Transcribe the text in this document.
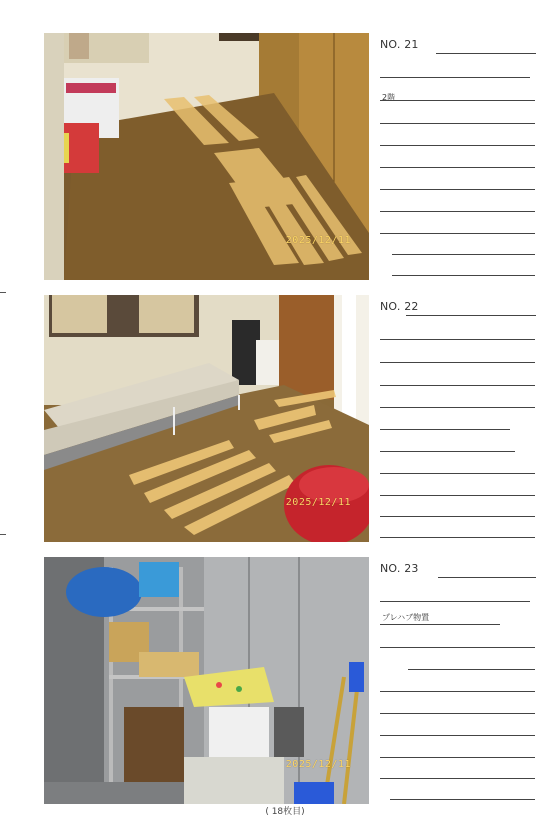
2025/12/11
2025/12/11
2025/12/11
NO. 21
2階
NO. 22
NO. 23
プレハブ物置
( 18枚目)
